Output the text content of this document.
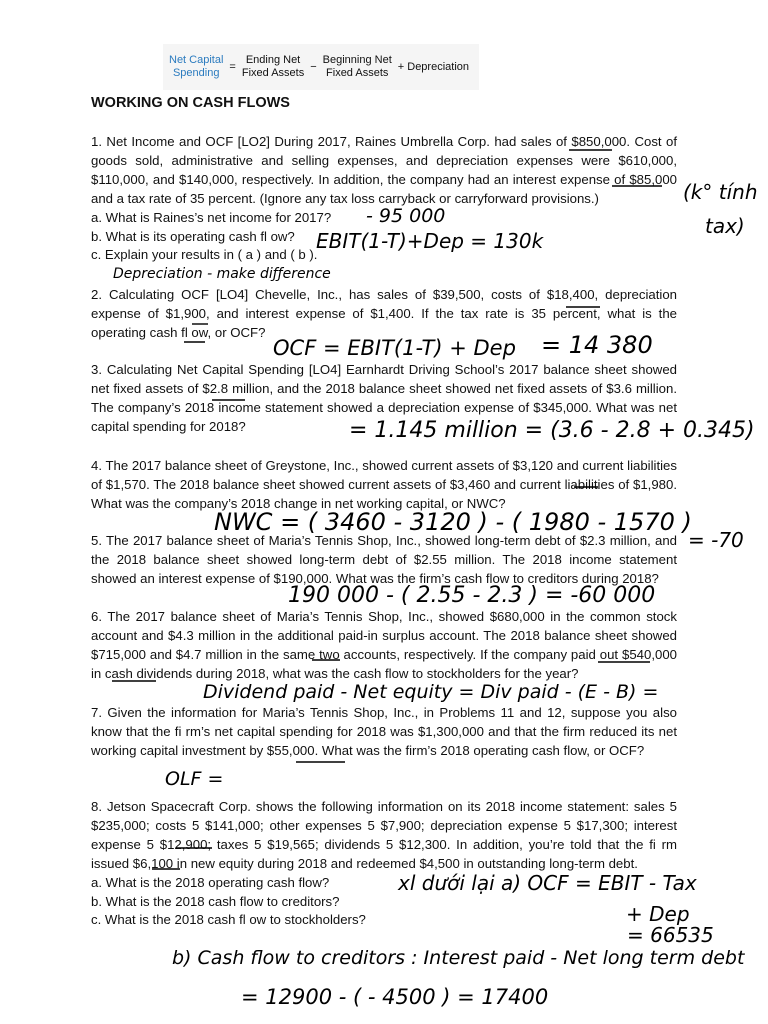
Net Capital
Spending =
Ending Net
Fixed Assets −
Beginning Net
Fixed Assets + Depreciation
WORKING ON CASH FLOWS

1. Net Income and OCF [LO2] During 2017, Raines Umbrella Corp. had sales of $850,000. Cost of goods sold, administrative and selling expenses, and depreciation expenses were $610,000, $110,000, and $140,000, respectively. In addition, the company had an interest expense of $85,000 and a tax rate of 35 percent. (Ignore any tax loss carryback or carryforward provisions.)

a. What is Raines’s net income for 2017?
b. What is its operating cash fl ow?
c. Explain your results in ( a ) and ( b ).

2. Calculating OCF [LO4] Chevelle, Inc., has sales of $39,500, costs of $18,400, depreciation expense of $1,900, and interest expense of $1,400. If the tax rate is 35 percent, what is the operating cash fl ow, or OCF?

3. Calculating Net Capital Spending [LO4] Earnhardt Driving School’s 2017 balance sheet showed net fixed assets of $2.8 million, and the 2018 balance sheet showed net fixed assets of $3.6 million. The company’s 2018 income statement showed a depreciation expense of $345,000. What was net capital spending for 2018?

4. The 2017 balance sheet of Greystone, Inc., showed current assets of $3,120 and current liabilities of $1,570. The 2018 balance sheet showed current assets of $3,460 and current liabilities of $1,980. What was the company’s 2018 change in net working capital, or NWC?

5. The 2017 balance sheet of Maria’s Tennis Shop, Inc., showed long-term debt of $2.3 million, and the 2018 balance sheet showed long-term debt of $2.55 million. The 2018 income statement showed an interest expense of $190,000. What was the firm’s cash flow to creditors during 2018?

6. The 2017 balance sheet of Maria’s Tennis Shop, Inc., showed $680,000 in the common stock account and $4.3 million in the additional paid-in surplus account. The 2018 balance sheet showed $715,000 and $4.7 million in the same two accounts, respectively. If the company paid out $540,000 in cash dividends during 2018, what was the cash flow to stockholders for the year?

7. Given the information for Maria’s Tennis Shop, Inc., in Problems 11 and 12, suppose you also know that the fi rm’s net capital spending for 2018 was $1,300,000 and that the firm reduced its net working capital investment by $55,000. What was the firm’s 2018 operating cash flow, or OCF?

8. Jetson Spacecraft Corp. shows the following information on its 2018 income statement: sales 5 $235,000; costs 5 $141,000; other expenses 5 $7,900; depreciation expense 5 $17,300; interest expense 5 $12,900; taxes 5 $19,565; dividends 5 $12,300. In addition, you’re told that the fi rm issued $6,100 in new equity during 2018 and redeemed $4,500 in outstanding long-term debt.

a. What is the 2018 operating cash flow?
b. What is the 2018 cash flow to creditors?
c. What is the 2018 cash fl ow to stockholders?
(k° tính
tax)
- 95 000
EBIT(1-T)+Dep = 130k
Depreciation - make diƒƒerence
OCF = EBIT(1-T) + Dep = 14 380
= 1.145 million = (3.6 - 2.8 + 0.345)
NWC = ( 3460 - 3120 ) - ( 1980 - 1570 )
= -70
190 000 - ( 2.55 - 2.3 ) = -60 000
Dividend paid - Net equity = Div paid - (E - B) =
OLF =
xl dưới lại a) OCF = EBIT - Tax
+ Dep
= 66535
b) Cash flow to creditors : Interest paid - Net long term debt
= 12900 - ( - 4500 ) = 17400
